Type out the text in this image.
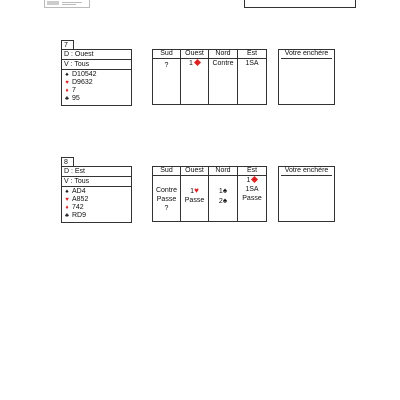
7
D : Ouest
V : Tous
♠ D10542
♥ D9632
♦ 7
♣ 95
Sud
?
Ouest
1
Nord
Contre
Est
1SA
Votre enchère
8
D : Est
V : Tous
♠ AD4
♥ A852
♦ 742
♣ RD9
Sud
Contre
Passe
?
Ouest
1♥
Passe
Nord
1♠
2♠
Est
1
1SA
Passe
Votre enchère
